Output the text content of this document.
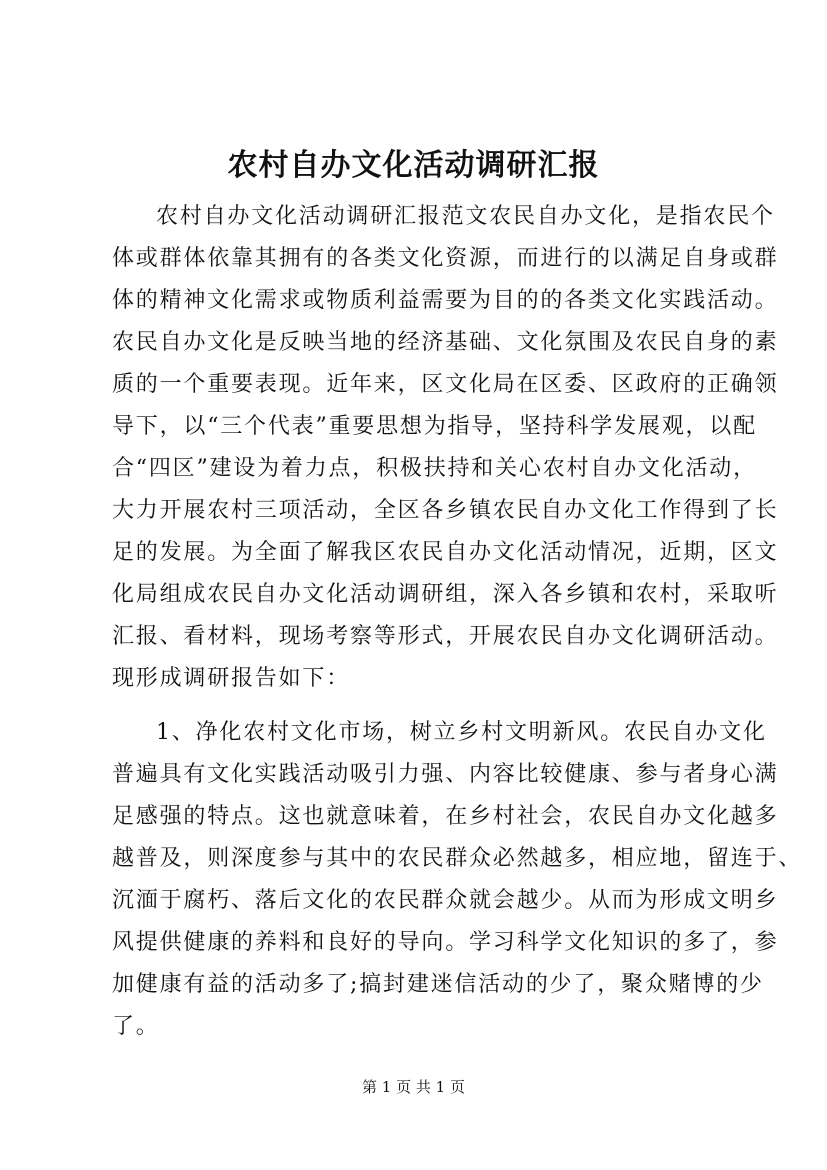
农村自办文化活动调研汇报
农村自办文化活动调研汇报范文农民自办文化，是指农民个
体或群体依靠其拥有的各类文化资源，而进行的以满足自身或群
体的精神文化需求或物质利益需要为目的的各类文化实践活动。
农民自办文化是反映当地的经济基础、文化氛围及农民自身的素
质的一个重要表现。近年来，区文化局在区委、区政府的正确领
导下，以“三个代表”重要思想为指导，坚持科学发展观，以配
合“四区”建设为着力点，积极扶持和关心农村自办文化活动，
大力开展农村三项活动，全区各乡镇农民自办文化工作得到了长
足的发展。为全面了解我区农民自办文化活动情况，近期，区文
化局组成农民自办文化活动调研组，深入各乡镇和农村，采取听
汇报、看材料，现场考察等形式，开展农民自办文化调研活动。
现形成调研报告如下：
1、净化农村文化市场，树立乡村文明新风。农民自办文化
普遍具有文化实践活动吸引力强、内容比较健康、参与者身心满
足感强的特点。这也就意味着，在乡村社会，农民自办文化越多
越普及，则深度参与其中的农民群众必然越多，相应地，留连于、
沉湎于腐朽、落后文化的农民群众就会越少。从而为形成文明乡
风提供健康的养料和良好的导向。学习科学文化知识的多了，参
加健康有益的活动多了;搞封建迷信活动的少了，聚众赌博的少
了。
第 1 页 共 1 页
